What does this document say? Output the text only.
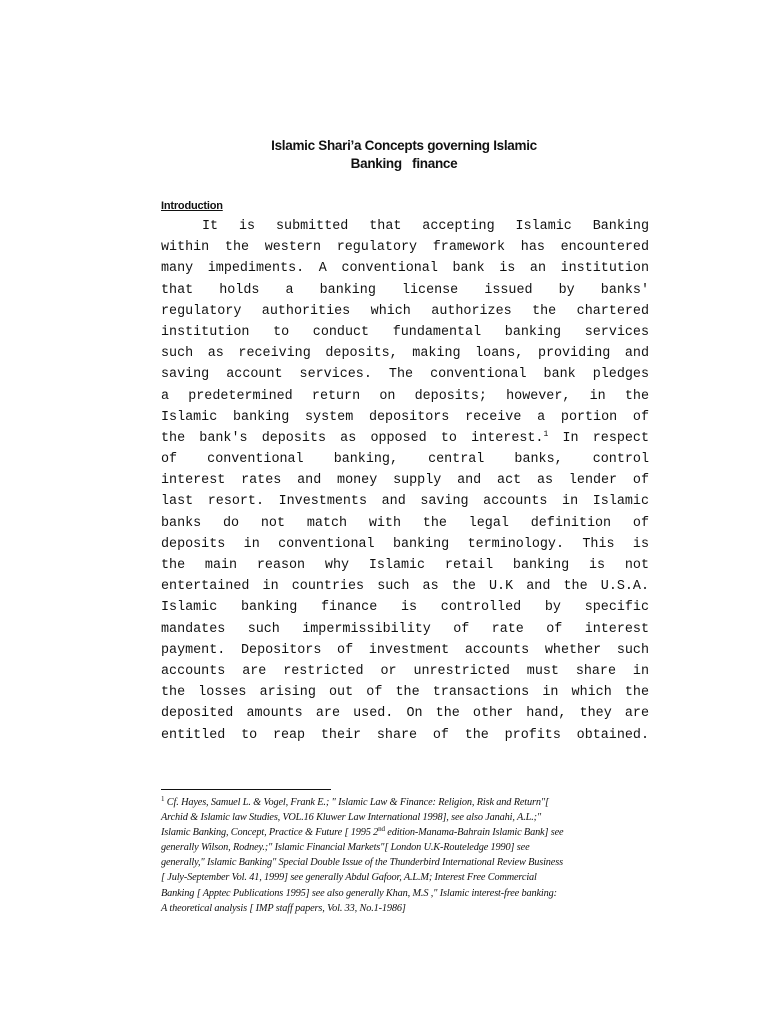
Islamic Shari’a Concepts governing Islamic
Banking   finance
Introduction
It is submitted that accepting Islamic Banking
within the western regulatory framework has encountered
many impediments. A conventional bank is an institution
that holds a banking license issued by banks'
regulatory authorities which authorizes the chartered
institution to conduct fundamental banking services
such as receiving deposits, making loans, providing and
saving account services. The conventional bank pledges
a predetermined return on deposits; however, in the
Islamic banking system depositors receive a portion of
the bank's deposits as opposed to interest.$^1$ In respect
of conventional banking, central banks, control
interest rates and money supply and act as lender of
last resort. Investments and saving accounts in Islamic
banks do not match with the legal definition of
deposits in conventional banking terminology. This is
the main reason why Islamic retail banking is not
entertained in countries such as the U.K and the U.S.A.
Islamic banking finance is controlled by specific
mandates such impermissibility of rate of interest
payment. Depositors of investment accounts whether such
accounts are restricted or unrestricted must share in
the losses arising out of the transactions in which the
deposited amounts are used. On the other hand, they are
entitled to reap their share of the profits obtained.
$^1$ Cf. Hayes, Samuel L. & Vogel, Frank E.; " Islamic Law & Finance: Religion, Risk and Return"[
Archid & Islamic law Studies, VOL.16 Kluwer Law International 1998], see also Janahi, A.L.;"
Islamic Banking, Concept, Practice & Future [ 1995 2nd edition-Manama-Bahrain Islamic Bank] see
generally Wilson, Rodney.;" Islamic Financial Markets"[ London U.K-Routeledge 1990] see
generally," Islamic Banking" Special Double Issue of the Thunderbird International Review Business
[ July-September Vol. 41, 1999] see generally Abdul Gafoor, A.L.M; Interest Free Commercial
Banking [ Apptec Publications 1995] see also generally Khan, M.S ," Islamic interest-free banking:
A theoretical analysis [ IMP staff papers, Vol. 33, No.1-1986]
